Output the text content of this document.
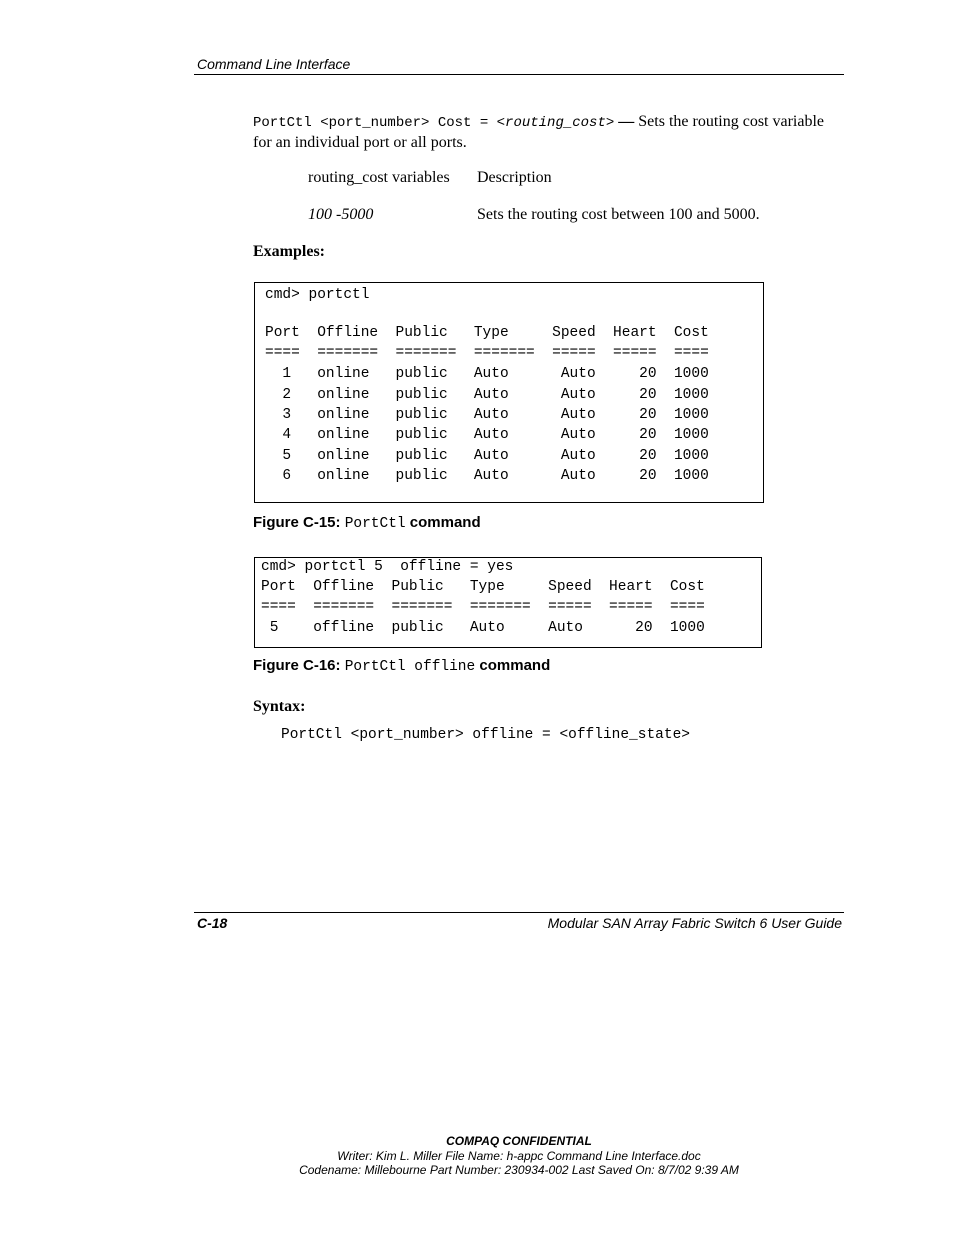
Command Line Interface
PortCtl <port_number> Cost = <routing_cost> — Sets the routing cost variable for an individual port or all ports.
routing_cost variables Description
100 -5000	Sets the routing cost between 100 and 5000.
Examples:
cmd> portctl
Port  Offline  Public   Type     Speed  Heart  Cost
====  =======  =======  =======  =====  =====  ====
1   online   public   Auto      Auto     20  1000
2   online   public   Auto      Auto     20  1000
3   online   public   Auto      Auto     20  1000
4   online   public   Auto      Auto     20  1000
5   online   public   Auto      Auto     20  1000
6   online   public   Auto      Auto     20  1000
Figure C-15: PortCtl command
cmd> portctl 5  offline = yes
Port  Offline  Public   Type     Speed  Heart  Cost
====  =======  =======  =======  =====  =====  ====
5    offline  public   Auto     Auto      20  1000
Figure C-16: PortCtl offline command
Syntax:
PortCtl <port_number> offline = <offline_state>
C-18	Modular SAN Array Fabric Switch 6 User Guide
COMPAQ CONFIDENTIAL
Writer: Kim L. Miller File Name: h-appc Command Line Interface.doc
Codename: Millebourne Part Number: 230934-002 Last Saved On: 8/7/02 9:39 AM
